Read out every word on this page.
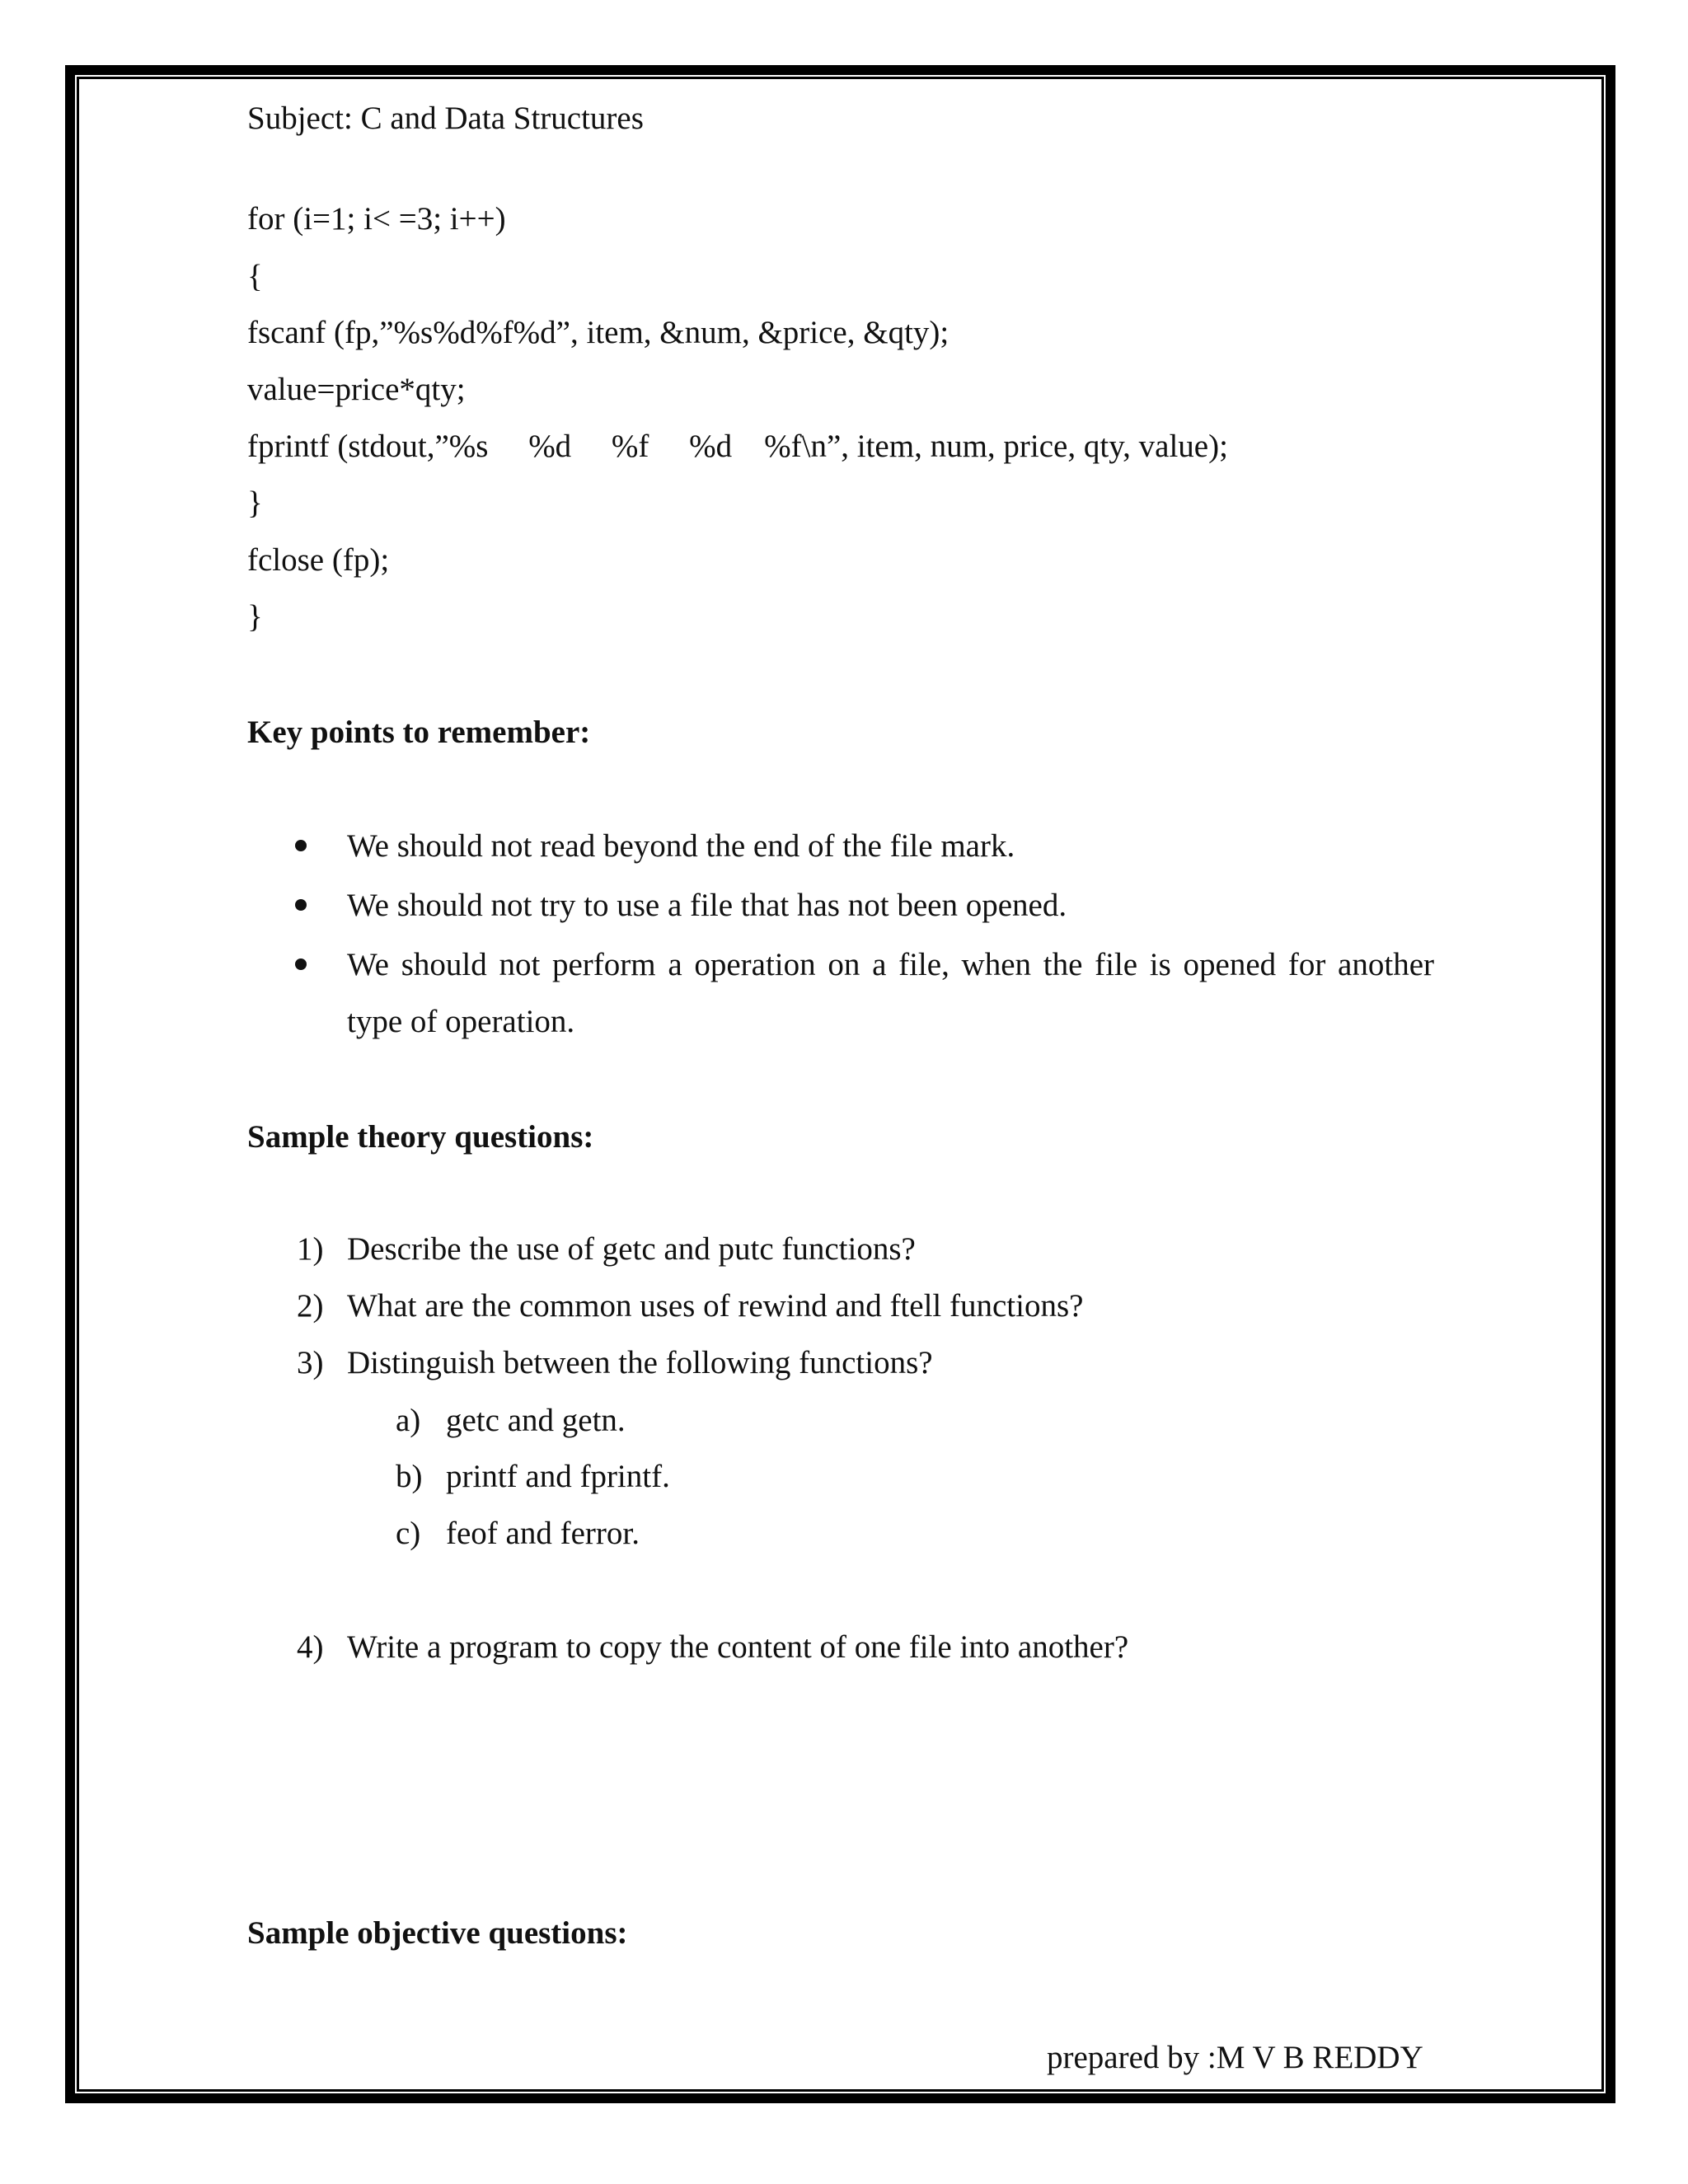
Subject: C and Data Structures
for (i=1; i< =3; i++)
{
fscanf (fp,”%s%d%f%d”, item, &num, &price, &qty);
value=price*qty;
fprintf (stdout,”%s     %d     %f     %d    %f\n”, item, num, price, qty, value);
}
fclose (fp);
}
Key points to remember:
We should not read beyond the end of the file mark.
We should not try to use a file that has not been opened.
We should not perform a operation on a file, when the file is opened for another
type of operation.
Sample theory questions:
1) Describe the use of getc and putc functions?
2) What are the common uses of rewind and ftell functions?
3) Distinguish between the following functions?
a) getc and getn.
b) printf and fprintf.
c) feof and ferror.
4) Write a program to copy the content of one file into another?
Sample objective questions:
prepared by :M V B REDDY
